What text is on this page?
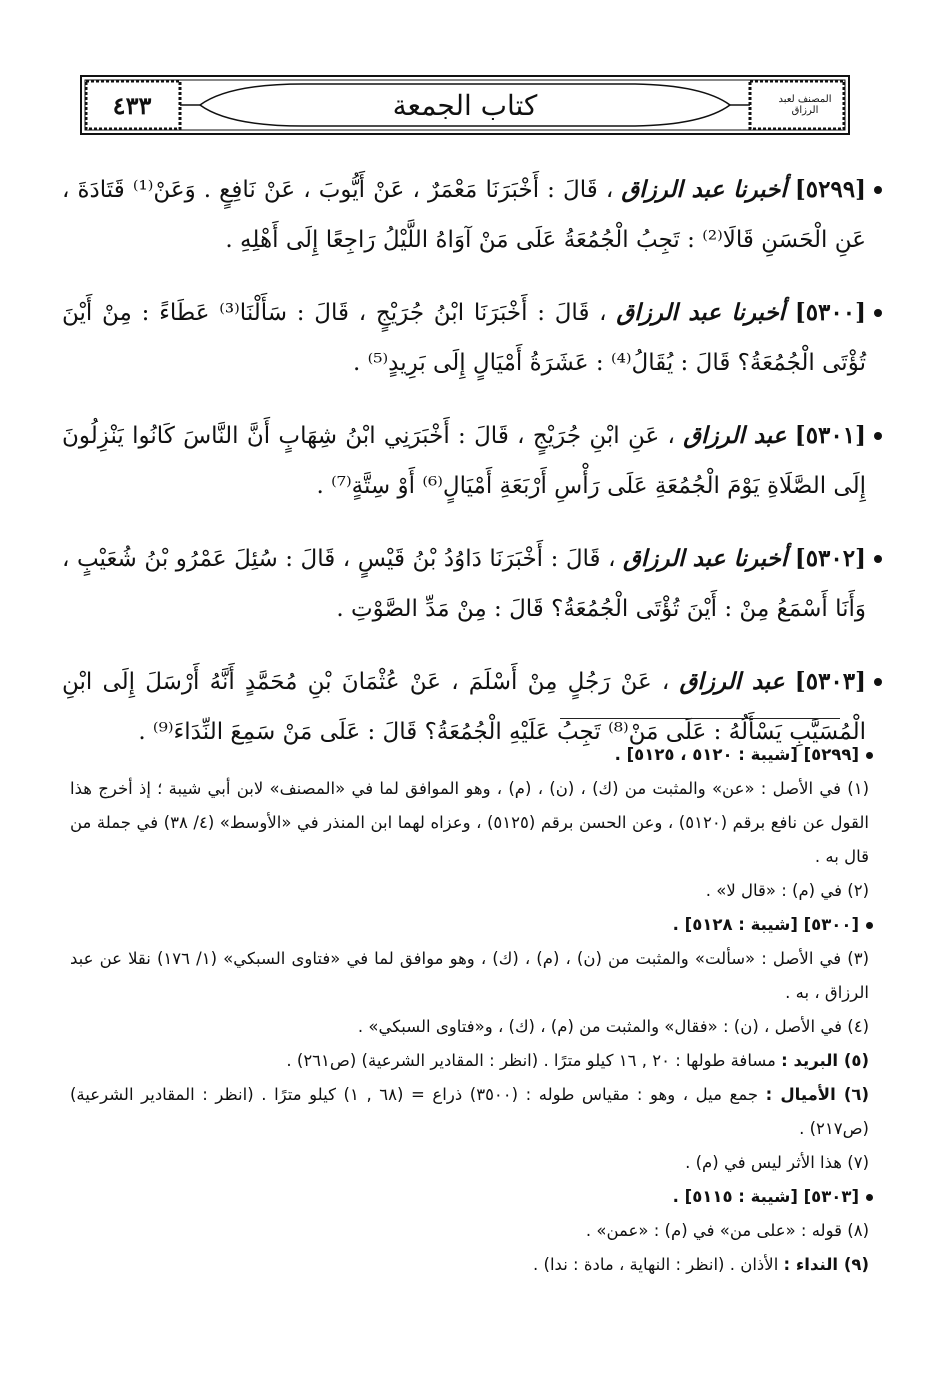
٤٣٣	كتاب الجمعة	المصنف لعبد الرزاق

[٥٢٩٩] أخبرنا عبد الرزاق ، قَالَ : أَخْبَرَنَا مَعْمَرٌ ، عَنْ أَيُّوبَ ، عَنْ نَافِعٍ . وَعَنْ⁽¹⁾ قَتَادَةَ ، عَنِ الْحَسَنِ قَالَا⁽²⁾ : تَجِبُ الْجُمُعَةُ عَلَى مَنْ آوَاهُ اللَّيْلُ رَاجِعًا إِلَى أَهْلِهِ .

[٥٣٠٠] أخبرنا عبد الرزاق ، قَالَ : أَخْبَرَنَا ابْنُ جُرَيْجٍ ، قَالَ : سَأَلْنَا⁽³⁾ عَطَاءً : مِنْ أَيْنَ تُؤْتَى الْجُمُعَةُ؟ قَالَ : يُقَالُ⁽⁴⁾ : عَشَرَةُ أَمْيَالٍ إِلَى بَرِيدٍ⁽⁵⁾ .

[٥٣٠١] عبد الرزاق ، عَنِ ابْنِ جُرَيْجٍ ، قَالَ : أَخْبَرَنِي ابْنُ شِهَابٍ أَنَّ النَّاسَ كَانُوا يَنْزِلُونَ إِلَى الصَّلَاةِ يَوْمَ الْجُمُعَةِ عَلَى رَأْسِ أَرْبَعَةِ أَمْيَالٍ⁽⁶⁾ أَوْ سِتَّةٍ⁽⁷⁾ .

[٥٣٠٢] أخبرنا عبد الرزاق ، قَالَ : أَخْبَرَنَا دَاوُدُ بْنُ قَيْسٍ ، قَالَ : سُئِلَ عَمْرُو بْنُ شُعَيْبٍ ، وَأَنَا أَسْمَعُ مِنْ : أَيْنَ تُؤْتَى الْجُمُعَةُ؟ قَالَ : مِنْ مَدِّ الصَّوْتِ .

[٥٣٠٣] عبد الرزاق ، عَنْ رَجُلٍ مِنْ أَسْلَمَ ، عَنْ عُثْمَانَ بْنِ مُحَمَّدٍ أَنَّهُ أَرْسَلَ إِلَى ابْنِ الْمُسَيَّبِ يَسْأَلُهُ : عَلَى مَنْ⁽⁸⁾ تَجِبُ عَلَيْهِ الْجُمُعَةُ؟ قَالَ : عَلَى مَنْ سَمِعَ النِّدَاءَ⁽⁹⁾ .

[٥٢٩٩] [شيبة : ٥١٢٠ ، ٥١٢٥] .
(١) في الأصل : «عن» والمثبت من (ك) ، (ن) ، (م) ، وهو الموافق لما في «المصنف» لابن أبي شيبة ؛ إذ أخرج هذا القول عن نافع برقم (٥١٢٠) ، وعن الحسن برقم (٥١٢٥) ، وعزاه لهما ابن المنذر في «الأوسط» (٤/ ٣٨) في جملة من قال به .
(٢) في (م) : «قال لا» .
[٥٣٠٠] [شيبة : ٥١٢٨] .
(٣) في الأصل : «سألت» والمثبت من (ن) ، (م) ، (ك) ، وهو موافق لما في «فتاوى السبكي» (١/ ١٧٦) نقلا عن عبد الرزاق ، به .
(٤) في الأصل ، (ن) : «فقال» والمثبت من (م) ، (ك) ، و«فتاوى السبكي» .
(٥) البريد : مسافة طولها : ٢٠ , ١٦ كيلو مترًا . (انظر : المقادير الشرعية) (ص٢٦١) .
(٦) الأميال : جمع ميل ، وهو : مقياس طوله : (٣٥٠٠) ذراع = (٦٨ , ١) كيلو مترًا . (انظر : المقادير الشرعية) (ص٢١٧) .
(٧) هذا الأثر ليس في (م) .
[٥٣٠٣] [شيبة : ٥١١٥] .
(٨) قوله : «على من» في (م) : «عمن» .
(٩) النداء : الأذان . (انظر : النهاية ، مادة : ندا) .
